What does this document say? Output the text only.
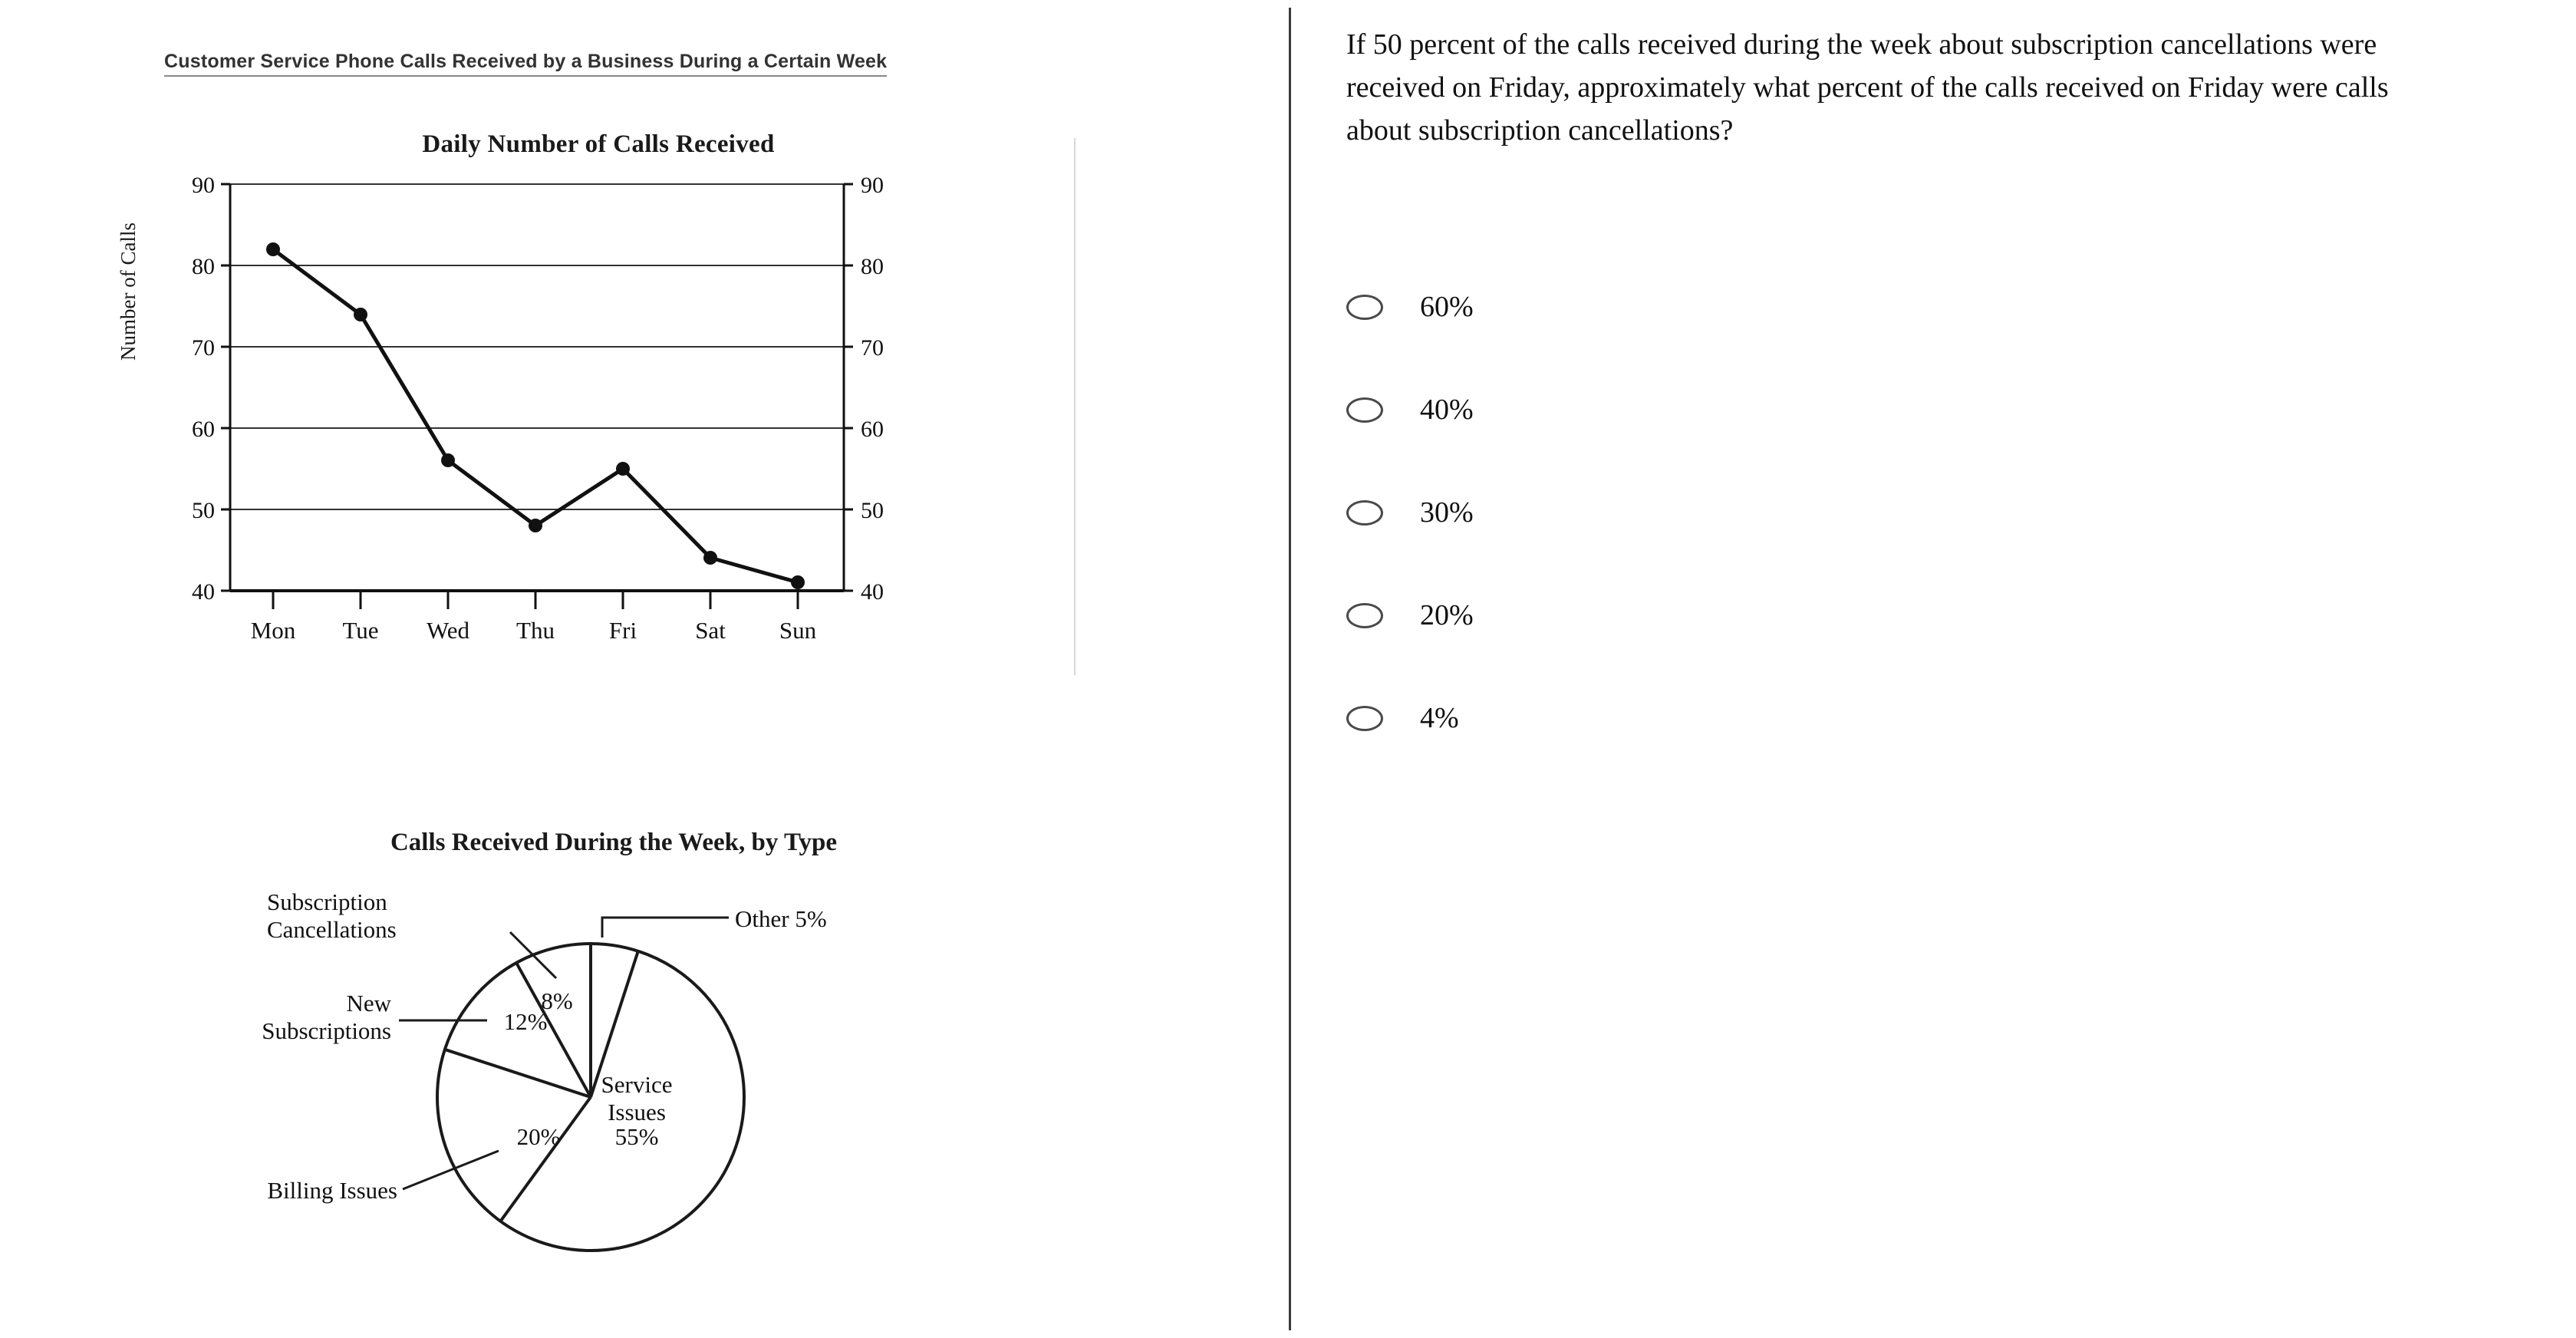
Customer Service Phone Calls Received by a Business During a Certain Week
Daily Number of Calls Received
Number of Calls
90
80
70
60
50
40
90
80
70
60
50
40
Mon Tue Wed Thu Fri Sat Sun
Calls Received During the Week, by Type
8%
12%
20% 55%
Service
Issues
Other 5%
Subscription
Cancellations
New
Subscriptions
Billing Issues
If 50 percent of the calls received during the week about subscription cancellations were received on Friday, approximately what percent of the calls received on Friday were calls about subscription cancellations?
60%
40%
30%
20%
4%
